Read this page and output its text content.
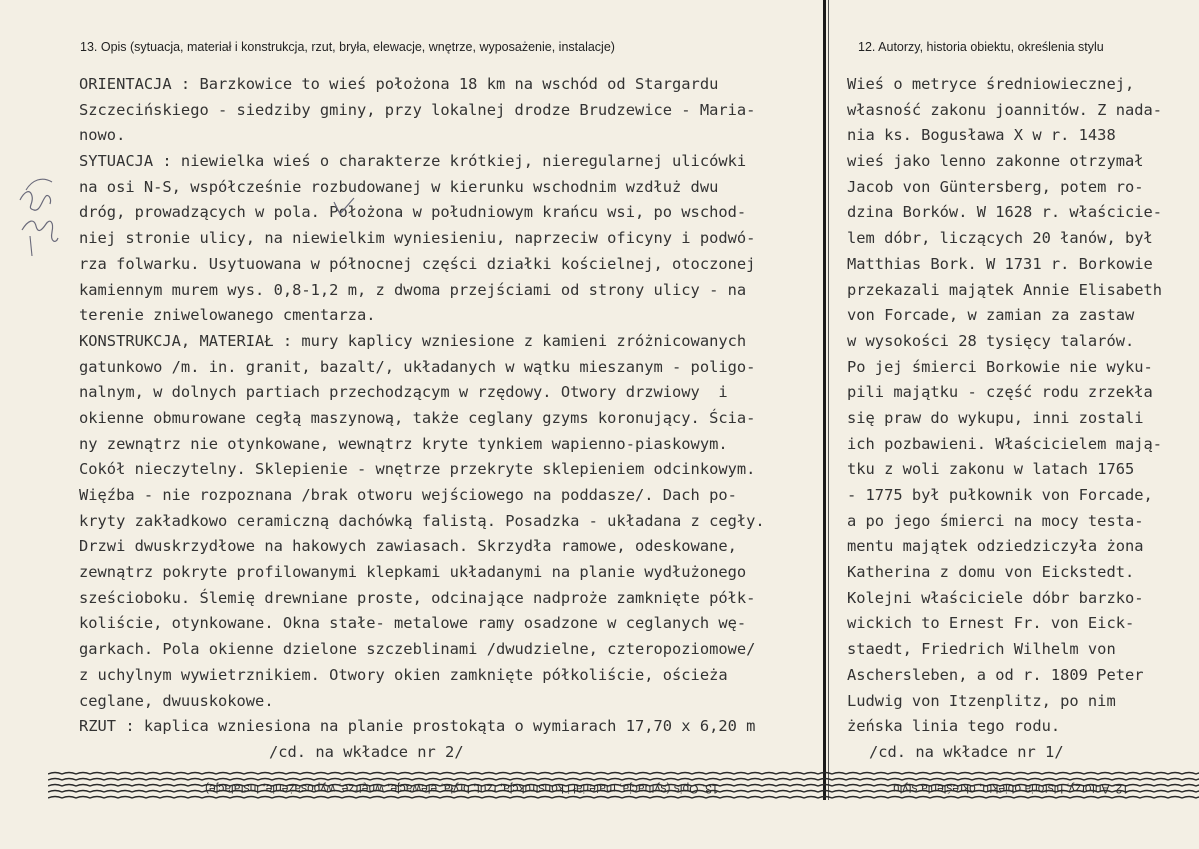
13. Opis (sytuacja, materiał i konstrukcja, rzut, bryła, elewacje, wnętrze, wyposażenie, instalacje)	12. Autorzy, historia obiektu, określenia stylu
ORIENTACJA : Barzkowice to wieś położona 18 km na wschód od Stargardu
Szczecińskiego - siedziby gminy, przy lokalnej drodze Brudzewice - Maria-
nowo.
SYTUACJA : niewielka wieś o charakterze krótkiej, nieregularnej ulicówki
na osi N-S, współcześnie rozbudowanej w kierunku wschodnim wzdłuż dwu
dróg, prowadzących w pola. Położona w południowym krańcu wsi, po wschod-
niej stronie ulicy, na niewielkim wyniesieniu, naprzeciw oficyny i podwó-
rza folwarku. Usytuowana w północnej części działki kościelnej, otoczonej
kamiennym murem wys. 0,8-1,2 m, z dwoma przejściami od strony ulicy - na
terenie zniwelowanego cmentarza.
KONSTRUKCJA, MATERIAŁ : mury kaplicy wzniesione z kamieni zróżnicowanych
gatunkowo /m. in. granit, bazalt/, układanych w wątku mieszanym - poligo-
nalnym, w dolnych partiach przechodzącym w rzędowy. Otwory drzwiowy  i
okienne obmurowane cegłą maszynową, także ceglany gzyms koronujący. Ścia-
ny zewnątrz nie otynkowane, wewnątrz kryte tynkiem wapienno-piaskowym.
Cokół nieczytelny. Sklepienie - wnętrze przekryte sklepieniem odcinkowym.
Więźba - nie rozpoznana /brak otworu wejściowego na poddasze/. Dach po-
kryty zakładkowo ceramiczną dachówką falistą. Posadzka - układana z cegły.
Drzwi dwuskrzydłowe na hakowych zawiasach. Skrzydła ramowe, odeskowane,
zewnątrz pokryte profilowanymi klepkami układanymi na planie wydłużonego
sześcioboku. Ślemię drewniane proste, odcinające nadproże zamknięte półk-
koliście, otynkowane. Okna stałe- metalowe ramy osadzone w ceglanych wę-
garkach. Pola okienne dzielone szczeblinami /dwudzielne, czteropoziomowe/
z uchylnym wywietrznikiem. Otwory okien zamknięte półkoliście, ościeża
ceglane, dwuuskokowe.
RZUT : kaplica wzniesiona na planie prostokąta o wymiarach 17,70 x 6,20 m
/cd. na wkładce nr 2/
Wieś o metryce średniowiecznej,
własność zakonu joannitów. Z nada-
nia ks. Bogusława X w r. 1438
wieś jako lenno zakonne otrzymał
Jacob von Güntersberg, potem ro-
dzina Borków. W 1628 r. właściciе-
lem dóbr, liczących 20 łanów, był
Matthias Bork. W 1731 r. Borkowie
przekazali majątek Annie Elisabeth
von Forcade, w zamian za zastaw
w wysokości 28 tysięcy talarów.
Po jej śmierci Borkowie nie wyku-
pili majątku - część rodu zrzekła
się praw do wykupu, inni zostali
ich pozbawieni. Właścicielem mają-
tku z woli zakonu w latach 1765
- 1775 był pułkownik von Forcade,
a po jego śmierci na mocy testa-
mentu majątek odziedziczyła żona
Katherina z domu von Eickstedt.
Kolejni właściciele dóbr barzko-
wickich to Ernest Fr. von Eick-
staedt, Friedrich Wilhelm von
Aschersleben, a od r. 1809 Peter
Ludwig von Itzenplitz, po nim
żeńska linia tego rodu.
/cd. na wkładce nr 1/
13. Opis (sytuacja, materiał i konstrukcja, rzut, bryła, elewacje, wnętrze, wyposażenie, instalacje)	12. Autorzy, historia obiektu, określenia stylu
